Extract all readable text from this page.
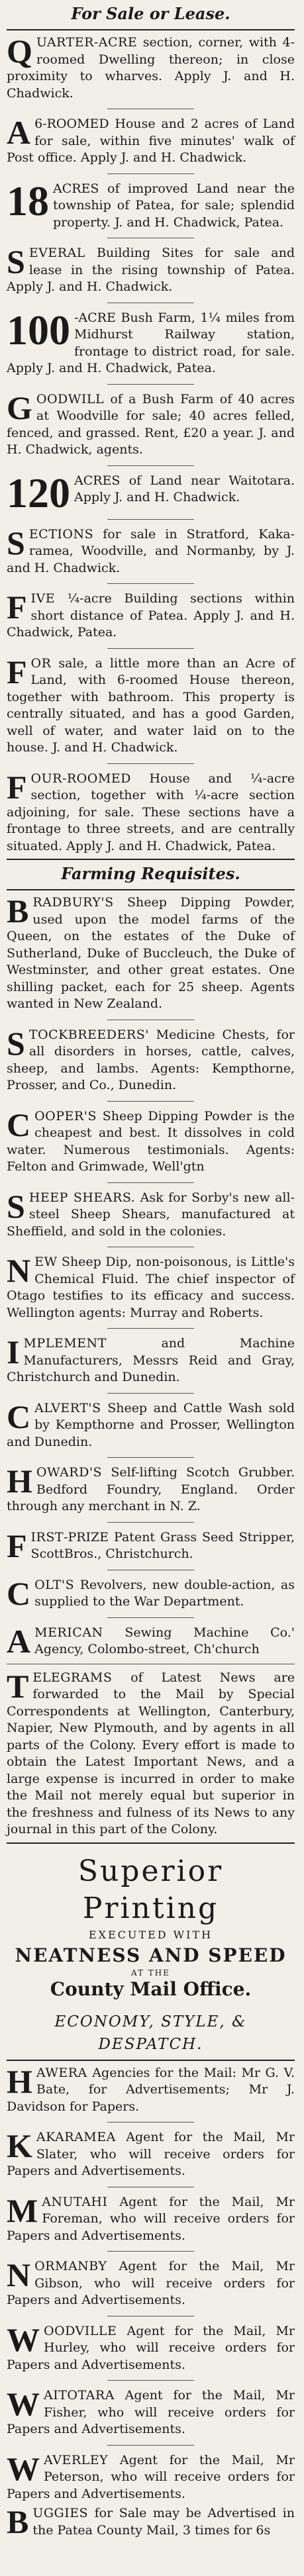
For Sale or Lease.

QUARTER-ACRE section, corner, with 4-roomed Dwelling thereon; in close proximity to wharves. Apply J. and H. Chadwick.

A 6-ROOMED House and 2 acres of Land for sale, within five minutes' walk of Post office. Apply J. and H. Chadwick.

18 ACRES of improved Land near the township of Patea, for sale; splendid property. J. and H. Chadwick, Patea.

SEVERAL Building Sites for sale and lease in the rising township of Patea. Apply J. and H. Chadwick.

100 -ACRE Bush Farm, 1¼ miles from Midhurst Railway station, frontage to district road, for sale. Apply J. and H. Chadwick, Patea.

GOODWILL of a Bush Farm of 40 acres at Woodville for sale; 40 acres felled, fenced, and grassed. Rent, £20 a year. J. and H. Chadwick, agents.

120 ACRES of Land near Waitotara. Apply J. and H. Chadwick.

SECTIONS for sale in Stratford, Kaka-ramea, Woodville, and Normanby, by J. and H. Chadwick.

FIVE ¼-acre Building sections within short distance of Patea. Apply J. and H. Chadwick, Patea.

FOR sale, a little more than an Acre of Land, with 6-roomed House thereon, together with bathroom. This property is centrally situated, and has a good Garden, well of water, and water laid on to the house. J. and H. Chadwick.

FOUR-ROOMED House and ¼-acre section, together with ¼-acre section adjoining, for sale. These sections have a frontage to three streets, and are centrally situated. Apply J. and H. Chadwick, Patea.

Farming Requisites.

BRADBURY'S Sheep Dipping Powder, used upon the model farms of the Queen, on the estates of the Duke of Sutherland, Duke of Buccleuch, the Duke of Westminster, and other great estates. One shilling packet, each for 25 sheep. Agents wanted in New Zealand.

STOCKBREEDERS' Medicine Chests, for all disorders in horses, cattle, calves, sheep, and lambs. Agents: Kempthorne, Prosser, and Co., Dunedin.

COOPER'S Sheep Dipping Powder is the cheapest and best. It dissolves in cold water. Numerous testimonials. Agents: Felton and Grimwade, Well'gtn

SHEEP SHEARS. Ask for Sorby's new all-steel Sheep Shears, manufactured at Sheffield, and sold in the colonies.

NEW Sheep Dip, non-poisonous, is Little's Chemical Fluid. The chief inspector of Otago testifies to its efficacy and success. Wellington agents: Murray and Roberts.

IMPLEMENT and Machine Manufacturers, Messrs Reid and Gray, Christchurch and Dunedin.

CALVERT'S Sheep and Cattle Wash sold by Kempthorne and Prosser, Wellington and Dunedin.

HOWARD'S Self-lifting Scotch Grubber. Bedford Foundry, England. Order through any merchant in N. Z.

FIRST-PRIZE Patent Grass Seed Stripper, ScottBros., Christchurch.

COLT'S Revolvers, new double-action, as supplied to the War Department.

AMERICAN Sewing Machine Co.' Agency, Colombo-street, Ch'church

TELEGRAMS of Latest News are forwarded to the Mail by Special Correspondents at Wellington, Canterbury, Napier, New Plymouth, and by agents in all parts of the Colony. Every effort is made to obtain the Latest Important News, and a large expense is incurred in order to make the Mail not merely equal but superior in the freshness and fulness of its News to any journal in this part of the Colony.

Superior Printing
EXECUTED WITH
NEATNESS AND SPEED
AT THE
County Mail Office.
ECONOMY, STYLE, & DESPATCH.

HAWERA Agencies for the Mail: Mr G. V. Bate, for Advertisements; Mr J. Davidson for Papers.

KAKARAMEA Agent for the Mail, Mr Slater, who will receive orders for Papers and Advertisements.

MANUTAHI Agent for the Mail, Mr Foreman, who will receive orders for Papers and Advertisements.

NORMANBY Agent for the Mail, Mr Gibson, who will receive orders for Papers and Advertisements.

WOODVILLE Agent for the Mail, Mr Hurley, who will receive orders for Papers and Advertisements.

WAITOTARA Agent for the Mail, Mr Fisher, who will receive orders for Papers and Advertisements.

WAVERLEY Agent for the Mail, Mr Peterson, who will receive orders for Papers and Advertisements.

BUGGIES for Sale may be Advertised in the Patea County Mail, 3 times for 6s
